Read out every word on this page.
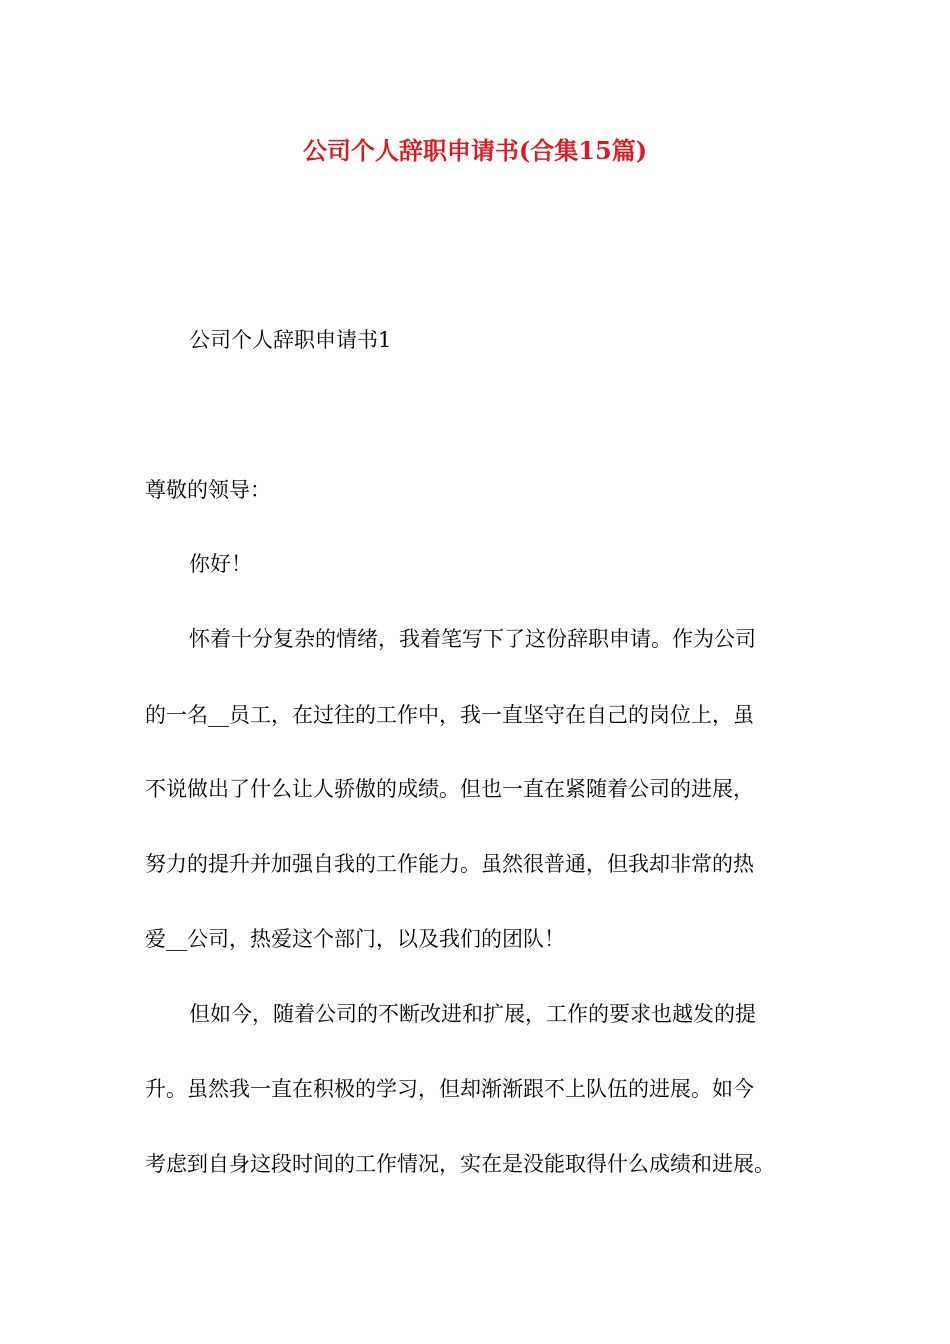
公司个人辞职申请书(合集15篇)
公司个人辞职申请书1
尊敬的领导：
你好！
怀着十分复杂的情绪，我着笔写下了这份辞职申请。作为公司
的一名__员工，在过往的工作中，我一直坚守在自己的岗位上，虽
不说做出了什么让人骄傲的成绩。但也一直在紧随着公司的进展，
努力的提升并加强自我的工作能力。虽然很普通，但我却非常的热
爱__公司，热爱这个部门，以及我们的团队！
但如今，随着公司的不断改进和扩展，工作的要求也越发的提
升。虽然我一直在积极的学习，但却渐渐跟不上队伍的进展。如今
考虑到自身这段时间的工作情况，实在是没能取得什么成绩和进展。
